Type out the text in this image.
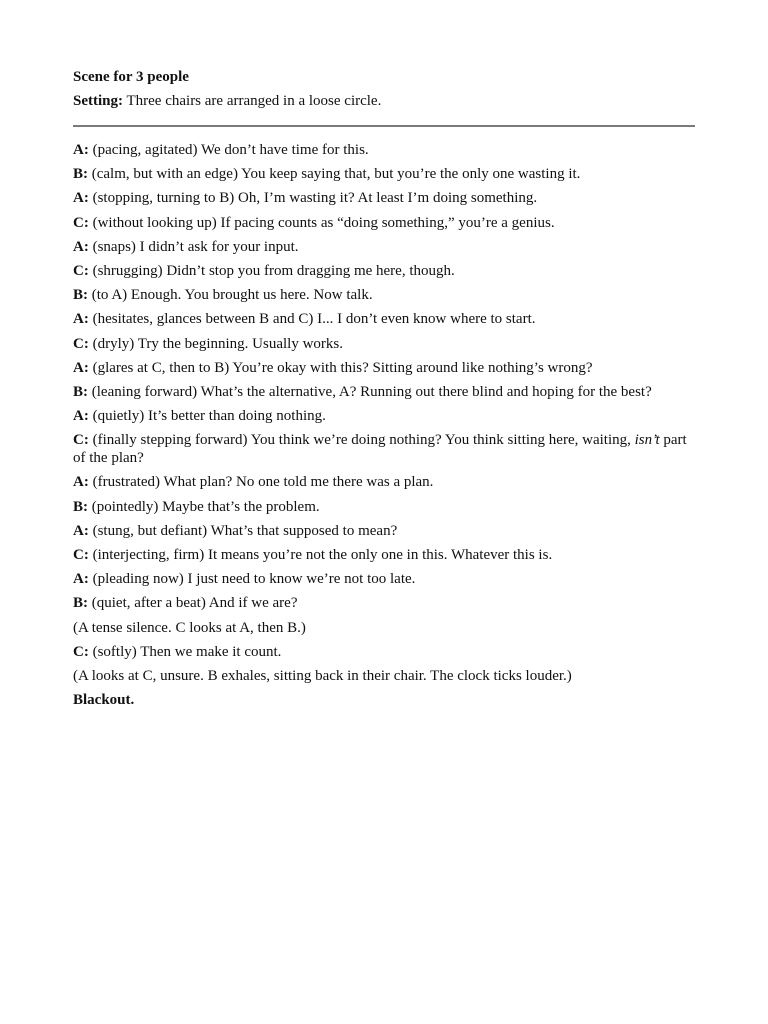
Scene for 3 people

Setting: Three chairs are arranged in a loose circle.

A: (pacing, agitated) We don’t have time for this.

B: (calm, but with an edge) You keep saying that, but you’re the only one wasting it.

A: (stopping, turning to B) Oh, I’m wasting it? At least I’m doing something.

C: (without looking up) If pacing counts as “doing something,” you’re a genius.

A: (snaps) I didn’t ask for your input.

C: (shrugging) Didn’t stop you from dragging me here, though.

B: (to A) Enough. You brought us here. Now talk.

A: (hesitates, glances between B and C) I... I don’t even know where to start.

C: (dryly) Try the beginning. Usually works.

A: (glares at C, then to B) You’re okay with this? Sitting around like nothing’s wrong?

B: (leaning forward) What’s the alternative, A? Running out there blind and hoping for the best?

A: (quietly) It’s better than doing nothing.

C: (finally stepping forward) You think we’re doing nothing? You think sitting here, waiting, isn’t part of the plan?

A: (frustrated) What plan? No one told me there was a plan.

B: (pointedly) Maybe that’s the problem.

A: (stung, but defiant) What’s that supposed to mean?

C: (interjecting, firm) It means you’re not the only one in this. Whatever this is.

A: (pleading now) I just need to know we’re not too late.

B: (quiet, after a beat) And if we are?

(A tense silence. C looks at A, then B.)

C: (softly) Then we make it count.

(A looks at C, unsure. B exhales, sitting back in their chair. The clock ticks louder.)

Blackout.
